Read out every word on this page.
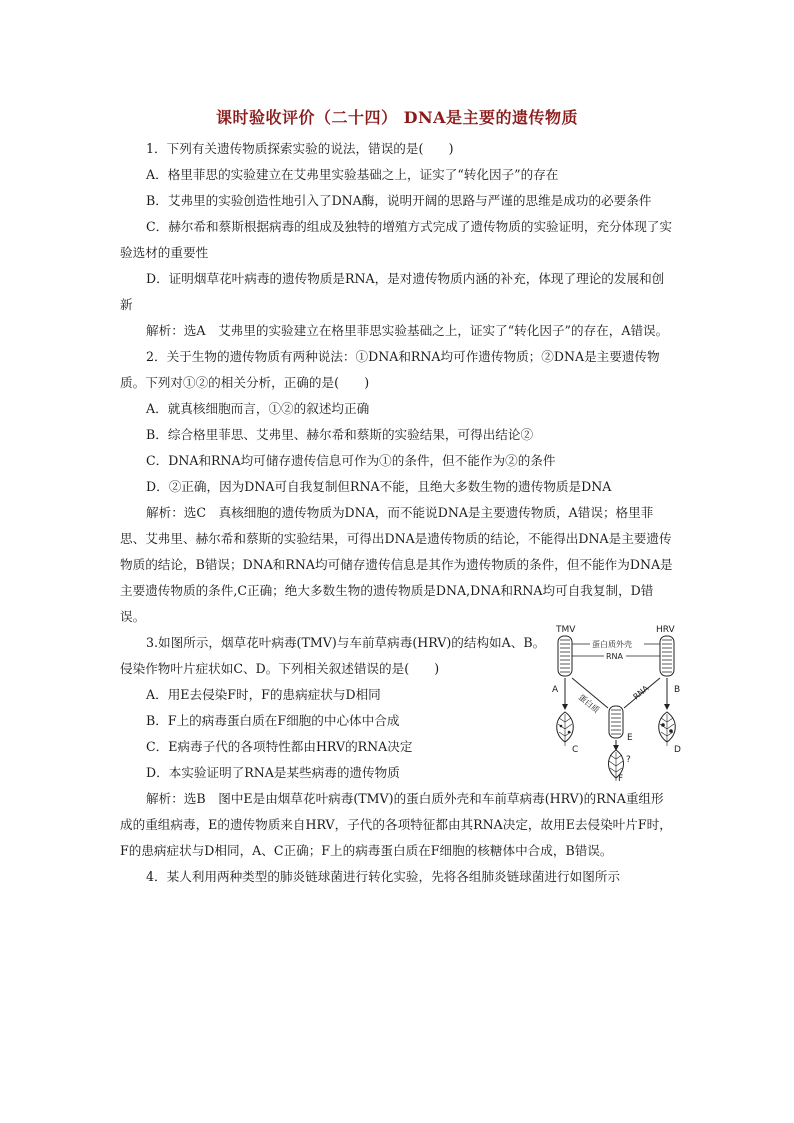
课时验收评价（二十四） DNA是主要的遗传物质

1．下列有关遗传物质探索实验的说法，错误的是(　　)

A．格里菲思的实验建立在艾弗里实验基础之上，证实了“转化因子”的存在

B．艾弗里的实验创造性地引入了DNA酶，说明开阔的思路与严谨的思维是成功的必要条件

C．赫尔希和蔡斯根据病毒的组成及独特的增殖方式完成了遗传物质的实验证明，充分体现了实验选材的重要性

D．证明烟草花叶病毒的遗传物质是RNA，是对遗传物质内涵的补充，体现了理论的发展和创新

解析：选A　艾弗里的实验建立在格里菲思实验基础之上，证实了“转化因子”的存在，A错误。

2．关于生物的遗传物质有两种说法：①DNA和RNA均可作遗传物质；②DNA是主要遗传物质。下列对①②的相关分析，正确的是(　　)

A．就真核细胞而言，①②的叙述均正确

B．综合格里菲思、艾弗里、赫尔希和蔡斯的实验结果，可得出结论②

C．DNA和RNA均可储存遗传信息可作为①的条件，但不能作为②的条件

D．②正确，因为DNA可自我复制但RNA不能，且绝大多数生物的遗传物质是DNA

解析：选C　真核细胞的遗传物质为DNA，而不能说DNA是主要遗传物质，A错误；格里菲思、艾弗里、赫尔希和蔡斯的实验结果，可得出DNA是遗传物质的结论，不能得出DNA是主要遗传物质的结论，B错误；DNA和RNA均可储存遗传信息是其作为遗传物质的条件，但不能作为DNA是主要遗传物质的条件,C正确；绝大多数生物的遗传物质是DNA,DNA和RNA均可自我复制，D错误。

3.如图所示，烟草花叶病毒(TMV)与车前草病毒(HRV)的结构如A、B。侵染作物叶片症状如C、D。下列相关叙述错误的是(　　)

A．用E去侵染F时，F的患病症状与D相同

B．F上的病毒蛋白质在F细胞的中心体中合成

C．E病毒子代的各项特性都由HRV的RNA决定

D．本实验证明了RNA是某些病毒的遗传物质

TMV	HRV
蛋白质外壳
RNA
A	B
蛋白质
RNA
E
C	D
?
F

解析：选B　图中E是由烟草花叶病毒(TMV)的蛋白质外壳和车前草病毒(HRV)的RNA重组形成的重组病毒，E的遗传物质来自HRV，子代的各项特征都由其RNA决定，故用E去侵染叶片F时，F的患病症状与D相同，A、C正确；F上的病毒蛋白质在F细胞的核糖体中合成，B错误。

4．某人利用两种类型的肺炎链球菌进行转化实验，先将各组肺炎链球菌进行如图所示
